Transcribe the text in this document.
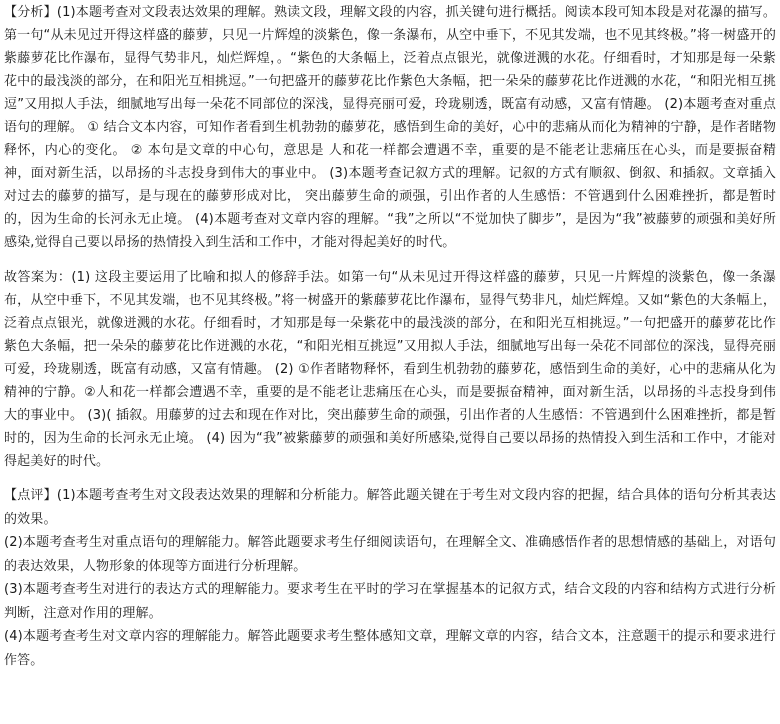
【分析】(1)本题考查对文段表达效果的理解。熟读文段，理解文段的内容，抓关键句进行概括。阅读本段可知本段是对花瀑的描写。 第一句“从未见过开得这样盛的藤萝，只见一片辉煌的淡紫色，像一条瀑布，从空中垂下，不见其发端，也不见其终极。”将一树盛开的紫藤萝花比作瀑布，显得气势非凡，灿烂辉煌，。“紫色的大条幅上，泛着点点银光，就像迸溅的水花。仔细看时，才知那是每一朵紫花中的最浅淡的部分，在和阳光互相挑逗。”一句把盛开的藤萝花比作紫色大条幅，把一朵朵的藤萝花比作迸溅的水花，“和阳光相互挑逗”又用拟人手法，细腻地写出每一朵花不同部位的深浅，显得亮丽可爱，玲珑剔透，既富有动感，又富有情趣。 (2)本题考查对重点语句的理解。 ① 结合文本内容，可知作者看到生机勃勃的藤萝花，感悟到生命的美好，心中的悲痛从而化为精神的宁静，是作者睹物释怀，内心的变化。 ② 本句是文章的中心句，意思是 人和花一样都会遭遇不幸，重要的是不能老让悲痛压在心头，而是要振奋精神，面对新生活，以昂扬的斗志投身到伟大的事业中。 (3)本题考查记叙方式的理解。记叙的方式有顺叙、倒叙、和插叙。文章插入对过去的藤萝的描写，是与现在的藤萝形成对比， 突出藤萝生命的顽强，引出作者的人生感悟：不管遇到什么困难挫折，都是暂时的，因为生命的长河永无止境。 (4)本题考查对文章内容的理解。“我”之所以“不觉加快了脚步”，是因为“我”被藤萝的顽强和美好所感染,觉得自己要以昂扬的热情投入到生活和工作中，才能对得起美好的时代。

故答案为：(1) 这段主要运用了比喻和拟人的修辞手法。如第一句“从未见过开得这样盛的藤萝，只见一片辉煌的淡紫色，像一条瀑布，从空中垂下，不见其发端，也不见其终极。”将一树盛开的紫藤萝花比作瀑布，显得气势非凡，灿烂辉煌。又如“紫色的大条幅上，泛着点点银光，就像迸溅的水花。仔细看时，才知那是每一朵紫花中的最浅淡的部分，在和阳光互相挑逗。”一句把盛开的藤萝花比作紫色大条幅，把一朵朵的藤萝花比作迸溅的水花，“和阳光相互挑逗”又用拟人手法，细腻地写出每一朵花不同部位的深浅，显得亮丽可爱，玲珑剔透，既富有动感，又富有情趣。 (2) ①作者睹物释怀，看到生机勃勃的藤萝花，感悟到生命的美好，心中的悲痛从化为精神的宁静。②人和花一样都会遭遇不幸，重要的是不能老让悲痛压在心头，而是要振奋精神，面对新生活，以昂扬的斗志投身到伟大的事业中。 (3)( 插叙。用藤萝的过去和现在作对比，突出藤萝生命的顽强，引出作者的人生感悟：不管遇到什么困难挫折，都是暂时的，因为生命的长河永无止境。 (4) 因为“我”被紫藤萝的顽强和美好所感染,觉得自己要以昂扬的热情投入到生活和工作中，才能对得起美好的时代。

【点评】(1)本题考查考生对文段表达效果的理解和分析能力。解答此题关键在于考生对文段内容的把握，结合具体的语句分析其表达的效果。

(2)本题考查考生对重点语句的理解能力。解答此题要求考生仔细阅读语句，在理解全文、准确感悟作者的思想情感的基础上，对语句的表达效果，人物形象的体现等方面进行分析理解。

(3)本题考查考生对进行的表达方式的理解能力。要求考生在平时的学习在掌握基本的记叙方式，结合文段的内容和结构方式进行分析判断，注意对作用的理解。

(4)本题考查考生对文章内容的理解能力。解答此题要求考生整体感知文章，理解文章的内容，结合文本，注意题干的提示和要求进行作答。
